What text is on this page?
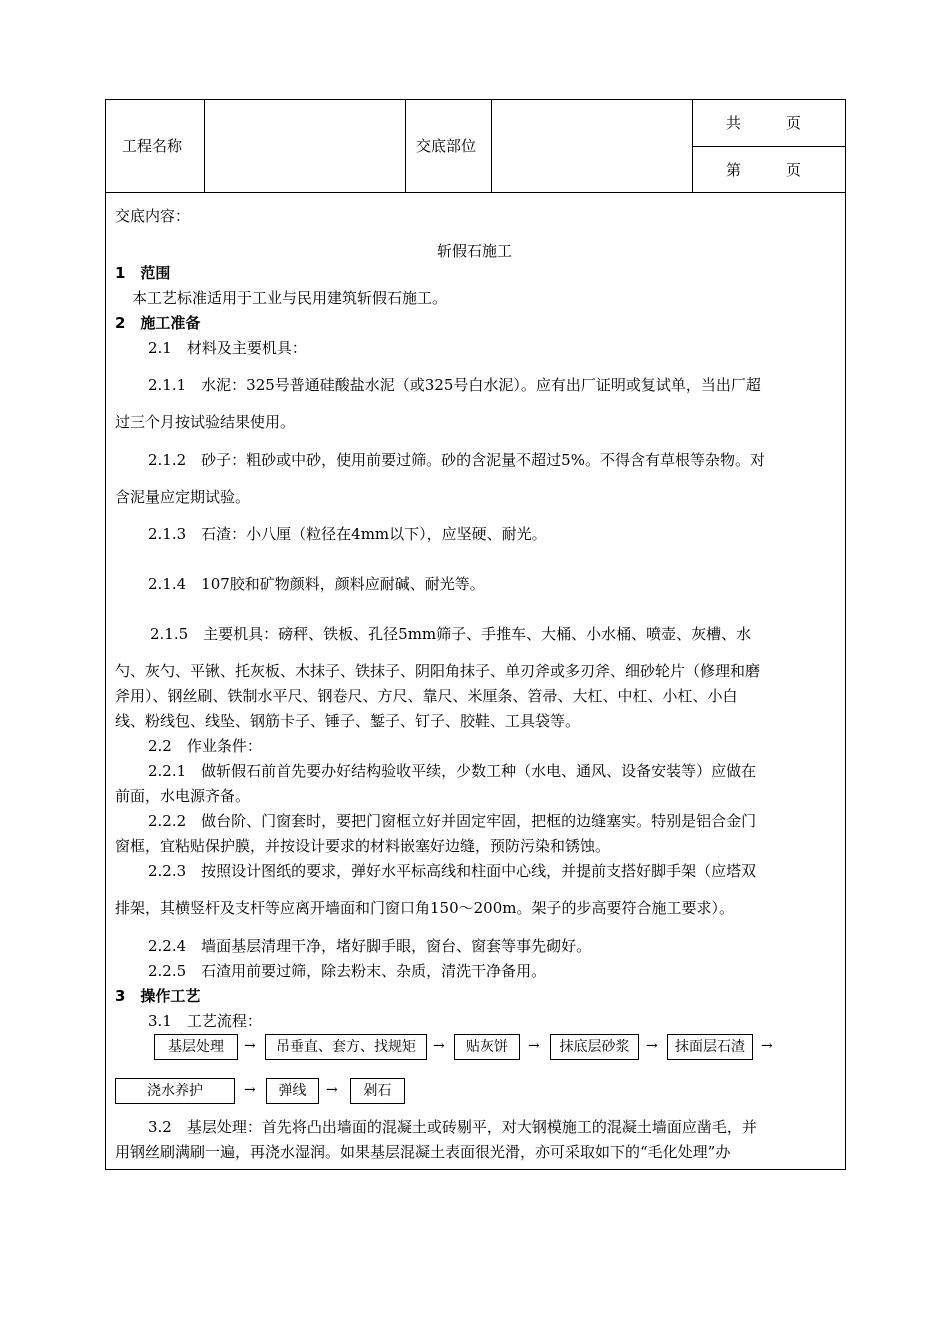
工程名称	交底部位
共　　　页
第　　　页
交底内容：
斩假石施工
1　范围
本工艺标准适用于工业与民用建筑斩假石施工。
2　施工准备
2.1　材料及主要机具：
2.1.1　水泥：325号普通硅酸盐水泥（或325号白水泥）。应有出厂证明或复试单，当出厂超
过三个月按试验结果使用。
2.1.2　砂子：粗砂或中砂，使用前要过筛。砂的含泥量不超过5%。不得含有草根等杂物。对
含泥量应定期试验。
2.1.3　石渣：小八厘（粒径在4mm以下），应坚硬、耐光。
2.1.4　107胶和矿物颜料，颜料应耐碱、耐光等。
2.1.5　主要机具：磅秤、铁板、孔径5mm筛子、手推车、大桶、小水桶、喷壶、灰槽、水
勺、灰勺、平锹、托灰板、木抹子、铁抹子、阴阳角抹子、单刃斧或多刃斧、细砂轮片（修理和磨
斧用）、钢丝刷、铁制水平尺、钢卷尺、方尺、靠尺、米厘条、笤帚、大杠、中杠、小杠、小白
线、粉线包、线坠、钢筋卡子、锤子、錾子、钉子、胶鞋、工具袋等。
2.2　作业条件：
2.2.1　做斩假石前首先要办好结构验收平续，少数工种（水电、通风、设备安装等）应做在
前面，水电源齐备。
2.2.2　做台阶、门窗套时，要把门窗框立好并固定牢固，把框的边缝塞实。特别是铝合金门
窗框，宜粘贴保护膜，并按设计要求的材料嵌塞好边缝，预防污染和锈蚀。
2.2.3　按照设计图纸的要求，弹好水平标高线和柱面中心线，并提前支搭好脚手架（应塔双
排架，其横竖杆及支杆等应离开墙面和门窗口角150～200m。架子的步高要符合施工要求）。
2.2.4　墙面基层清理干净，堵好脚手眼，窗台、窗套等事先砌好。
2.2.5　石渣用前要过筛，除去粉末、杂质，清洗干净备用。
3　操作工艺
3.1　工艺流程：
基层处理	→	吊垂直、套方、找规矩	→	贴灰饼	→	抹底层砂浆	→	抹面层石渣	→
浇水养护	→	弹线	→	剁石
3.2　基层处理：首先将凸出墙面的混凝土或砖剔平，对大钢模施工的混凝土墙面应凿毛，并
用钢丝刷满刷一遍，再浇水湿润。如果基层混凝土表面很光滑，亦可采取如下的“毛化处理”办
